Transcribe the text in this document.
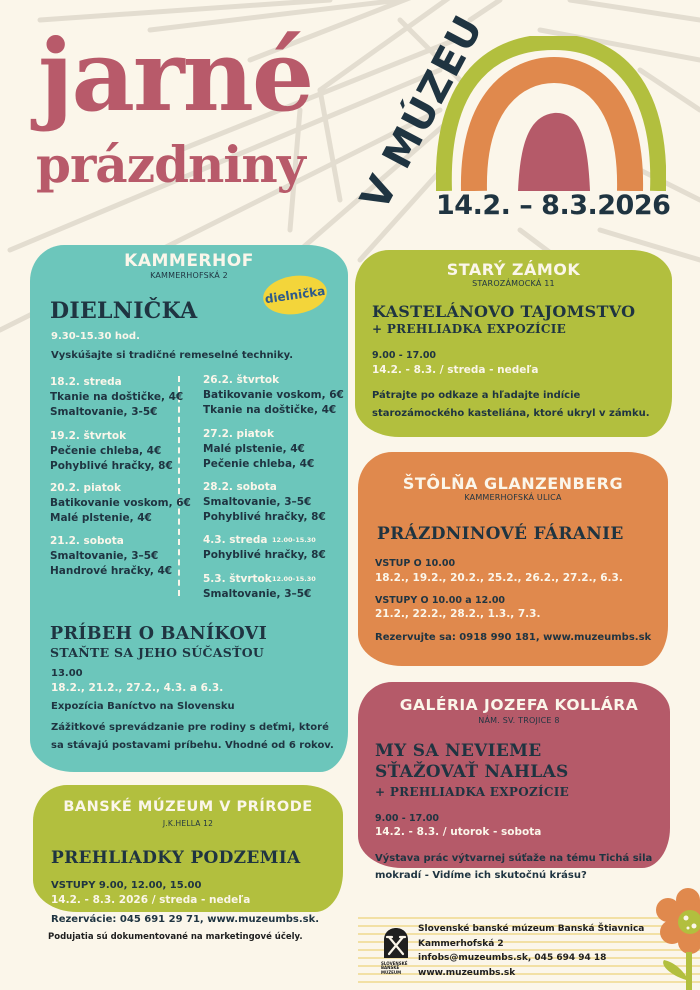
jarné
prázdniny V MÚZEU
14.2. – 8.3.2026
KAMMERHOF
KAMMERHOFSKÁ 2
dielnička
DIELNIČKA
9.30-15.30 hod.
Vyskúšajte si tradičné remeselné techniky.
18.2. streda
Tkanie na doštičke, 4€
Smaltovanie, 3-5€
19.2. štvrtok
Pečenie chleba, 4€
Pohyblivé hračky, 8€
20.2. piatok
Batikovanie voskom, 6€
Malé plstenie, 4€
21.2. sobota
Smaltovanie, 3–5€
Handrové hračky, 4€
26.2. štvrtok
Batikovanie voskom, 6€
Tkanie na doštičke, 4€
27.2. piatok
Malé plstenie, 4€
Pečenie chleba, 4€
28.2. sobota
Smaltovanie, 3–5€
Pohyblivé hračky, 8€
4.3. streda 12.00-15.30
Pohyblivé hračky, 8€
5.3. štvrtok 12.00-15.30
Smaltovanie, 3–5€
PRÍBEH O BANÍKOVI
STAŇTE SA JEHO SÚČASŤOU
13.00
18.2., 21.2., 27.2., 4.3. a 6.3.
Expozícia Baníctvo na Slovensku
Zážitkové sprevádzanie pre rodiny s deťmi, ktoré
sa stávajú postavami príbehu. Vhodné od 6 rokov.
BANSKÉ MÚZEUM V PRÍRODE
J.K.HELLA 12
PREHLIADKY PODZEMIA
VSTUPY 9.00, 12.00, 15.00
14.2. - 8.3. 2026 / streda - nedeľa
Rezervácie: 045 691 29 71, www.muzeumbs.sk.
STARÝ ZÁMOK
STAROZÁMOCKÁ 11
KASTELÁNOVO TAJOMSTVO
+ PREHLIADKA EXPOZÍCIE
9.00 - 17.00
14.2. - 8.3. / streda - nedeľa
Pátrajte po odkaze a hľadajte indície
starozámockého kasteliána, ktoré ukryl v zámku.
ŠTÔLŇA GLANZENBERG
KAMMERHOFSKÁ ULICA
PRÁZDNINOVÉ FÁRANIE
VSTUP O 10.00
18.2., 19.2., 20.2., 25.2., 26.2., 27.2., 6.3.
VSTUPY O 10.00 a 12.00
21.2., 22.2., 28.2., 1.3., 7.3.
Rezervujte sa: 0918 990 181, www.muzeumbs.sk
GALÉRIA JOZEFA KOLLÁRA
NÁM. SV. TROJICE 8
MY SA NEVIEME
SŤAŽOVAŤ NAHLAS
+ PREHLIADKA EXPOZÍCIE
9.00 - 17.00
14.2. - 8.3. / utorok - sobota
Výstava prác výtvarnej súťaže na tému Tichá sila
mokradí - Vidíme ich skutočnú krásu?
Podujatia sú dokumentované na marketingové účely.
SLOVENSKÉ
BANSKÉ
MÚZEUM
Slovenské banské múzeum Banská Štiavnica
Kammerhofská 2
infobs@muzeumbs.sk, 045 694 94 18
www.muzeumbs.sk
